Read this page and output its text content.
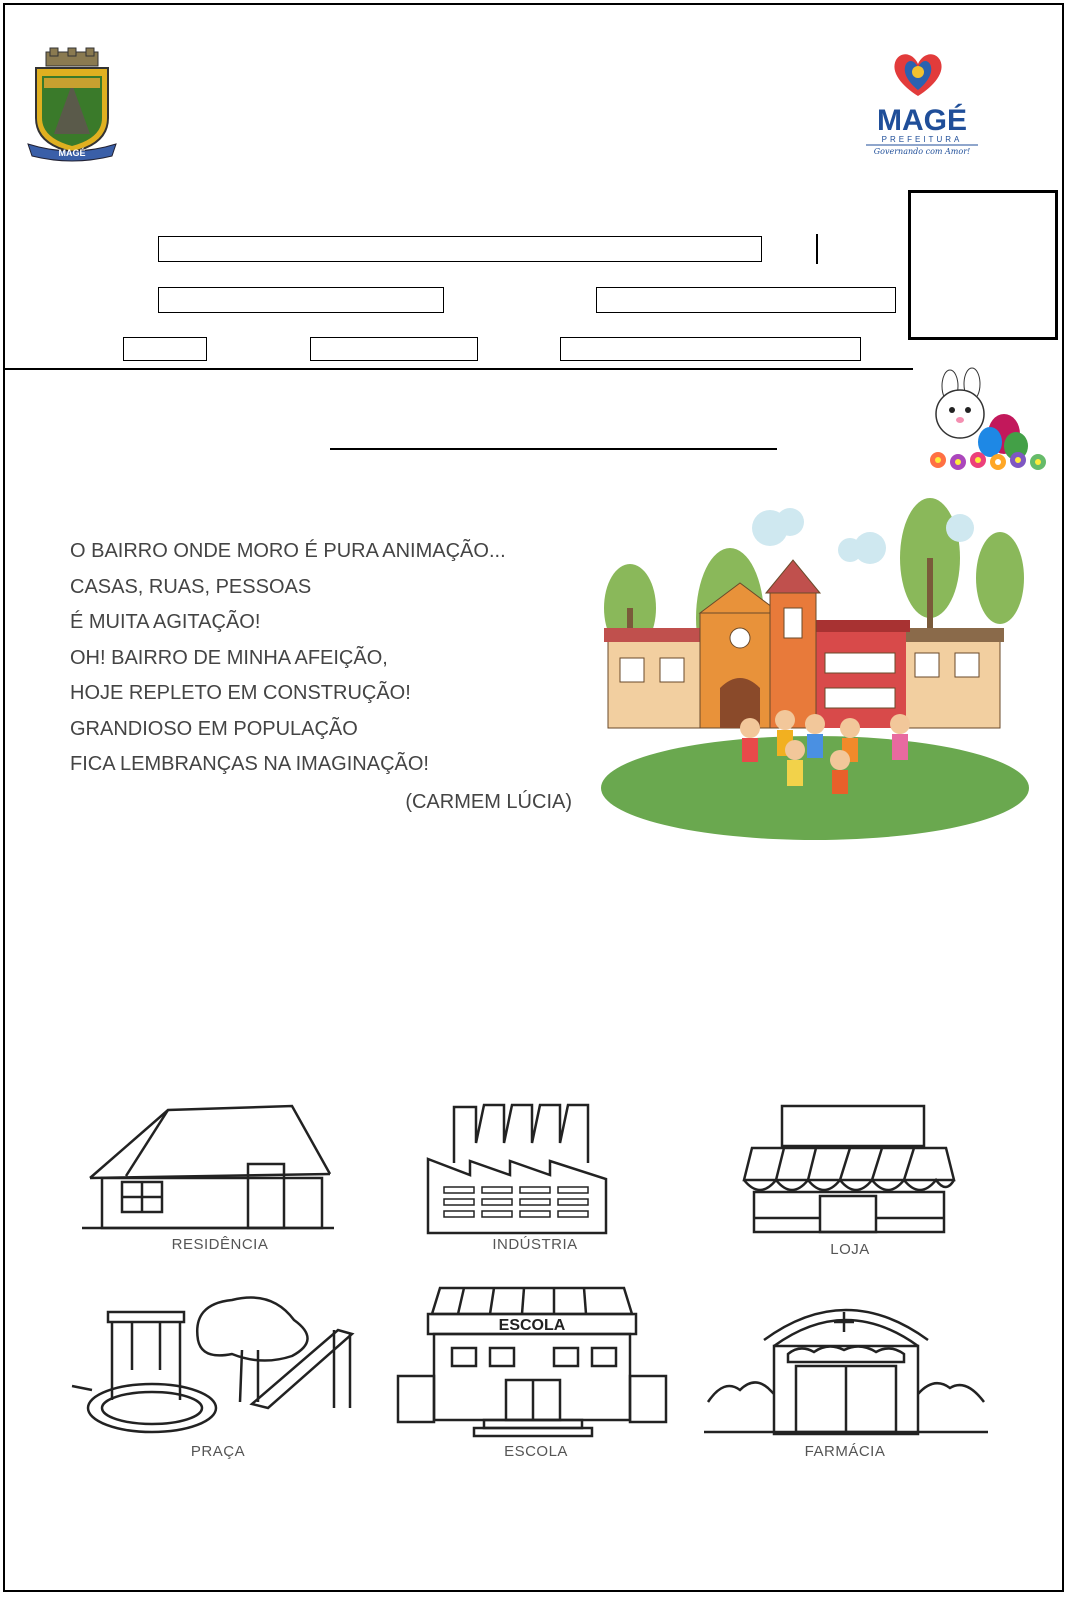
MAGÉ
MAGÉ
PREFEITURA
Governando com Amor!
O BAIRRO ONDE MORO É PURA ANIMAÇÃO...
CASAS, RUAS, PESSOAS
É MUITA AGITAÇÃO!
OH! BAIRRO DE MINHA AFEIÇÃO,
HOJE REPLETO EM CONSTRUÇÃO!
GRANDIOSO EM POPULAÇÃO
FICA LEMBRANÇAS NA IMAGINAÇÃO!
(CARMEM LÚCIA)
RESIDÊNCIA	INDÚSTRIA	LOJA
PRAÇA
ESCOLA
ESCOLA	FARMÁCIA
